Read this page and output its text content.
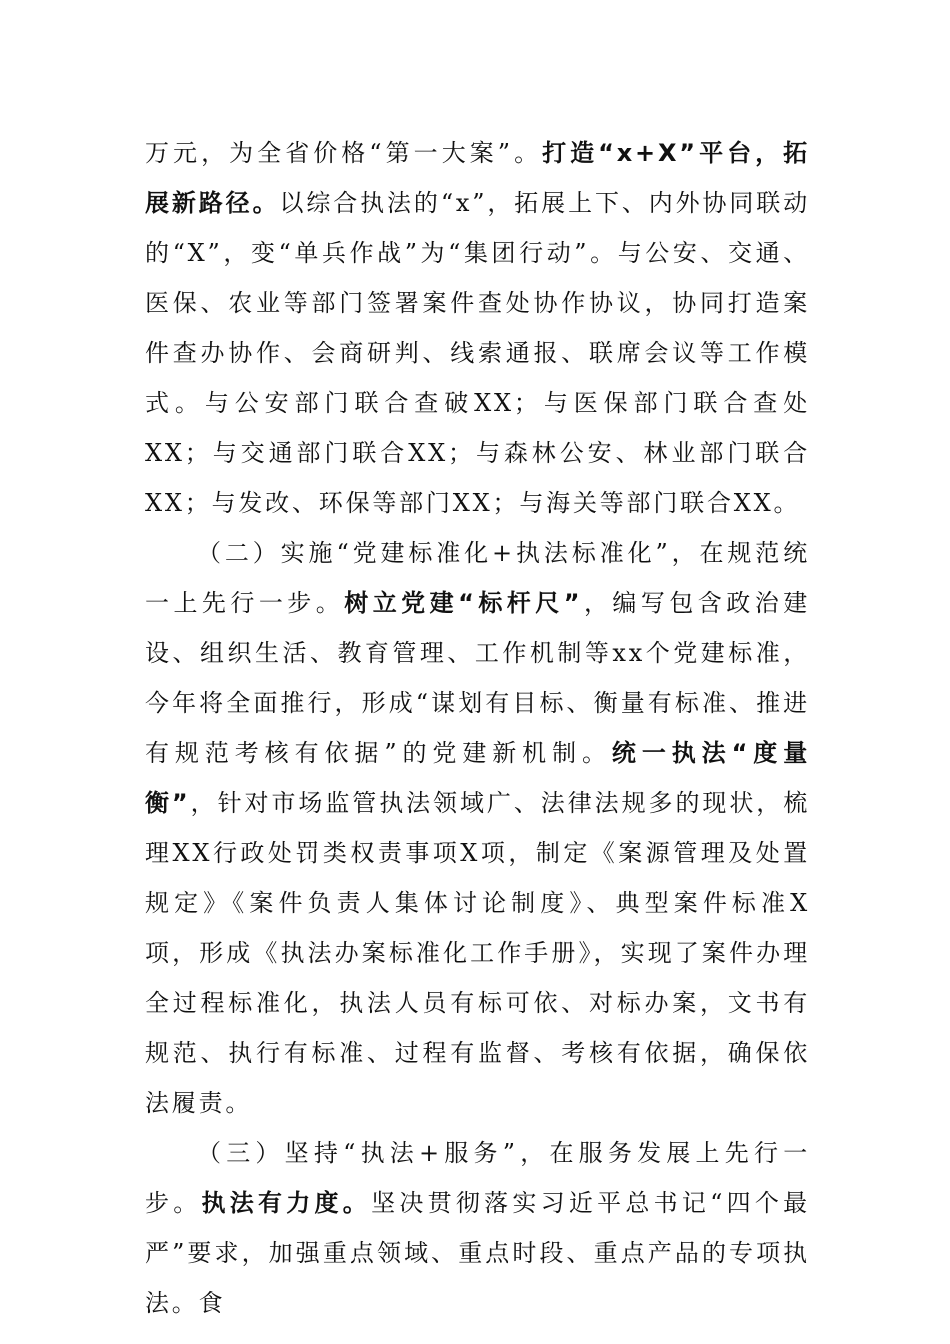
万元，为全省价格“第一大案”。打造“x+X”平台，拓展新路径。以综合执法的“x”，拓展上下、内外协同联动的“X”，变“单兵作战”为“集团行动”。与公安、交通、医保、农业等部门签署案件查处协作协议，协同打造案件查办协作、会商研判、线索通报、联席会议等工作模式。与公安部门联合查破XX；与医保部门联合查处XX；与交通部门联合XX；与森林公安、林业部门联合XX；与发改、环保等部门XX；与海关等部门联合XX。

（二）实施“党建标准化+执法标准化”，在规范统一上先行一步。树立党建“标杆尺”，编写包含政治建设、组织生活、教育管理、工作机制等xx个党建标准，今年将全面推行，形成“谋划有目标、衡量有标准、推进有规范考核有依据”的党建新机制。统一执法“度量衡”，针对市场监管执法领域广、法律法规多的现状，梳理XX行政处罚类权责事项X项，制定《案源管理及处置规定》《案件负责人集体讨论制度》、典型案件标准X项，形成《执法办案标准化工作手册》，实现了案件办理全过程标准化，执法人员有标可依、对标办案，文书有规范、执行有标准、过程有监督、考核有依据，确保依法履责。

（三）坚持“执法+服务”，在服务发展上先行一步。执法有力度。坚决贯彻落实习近平总书记“四个最严”要求，加强重点领域、重点时段、重点产品的专项执法。食
